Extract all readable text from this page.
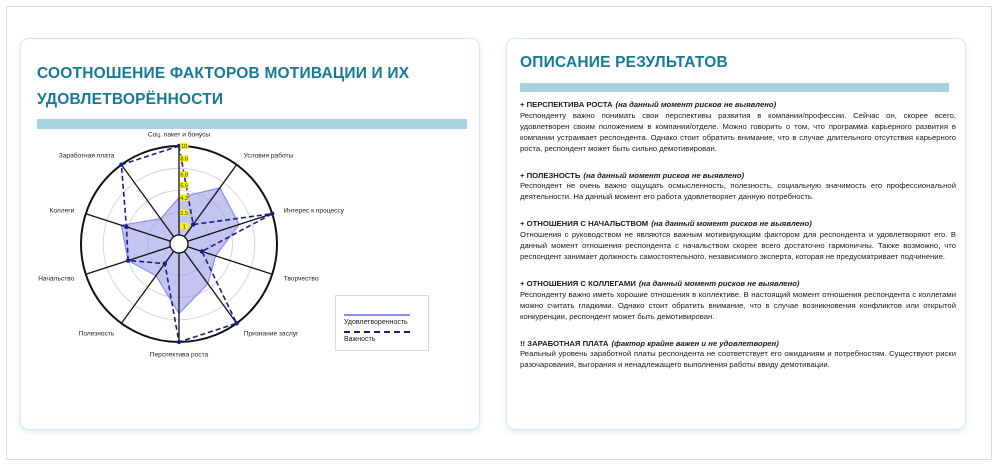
СООТНОШЕНИЕ ФАКТОРОВ МОТИВАЦИИ И ИХ УДОВЛЕТВОРЁННОСТИ
1
2.5
4.2
5.6
6.8
8.6
10
Соц. пакет и бонусы
Условия работы
Интерес к процессу
Творчество
Признание заслуг
Перспектива роста
Полезность
Начальство
Коллеги
Заработная плата
Удовлетворенность
Важность
ОПИСАНИЕ РЕЗУЛЬТАТОВ
+ ПЕРСПЕКТИВА РОСТА (на данный момент рисков не выявлено)
Респонденту важно понимать свои перспективы развития в компании/профессии. Сейчас он, скорее всего, удовлетворен своим положением в компании/отделе. Можно говорить о том, что программа карьерного развития в компании устраивает респондента. Однако стоит обратить внимание, что в случае длительного отсутствия карьерного роста, респондент может быть сильно демотивирован.
+ ПОЛЕЗНОСТЬ (на данный момент рисков не выявлено)
Респондент не очень важно ощущать осмысленность, полезность, социальную значимость его профессиональной деятельности. На данный момент его работа удовлетворяет данную потребность.
+ ОТНОШЕНИЯ С НАЧАЛЬСТВОМ (на данный момент рисков не выявлено)
Отношения с руководством не являются важным мотивирующим фактором для респондента и удовлетворяют его. В данный момент отношения респондента с начальством скорее всего достаточно гармоничны. Также возможно, что респондент занимает должность самостоятельного, независимого эксперта, которая не предусматривает подчинение.
+ ОТНОШЕНИЯ С КОЛЛЕГАМИ (на данный момент рисков не выявлено)
Респонденту важно иметь хорошие отношения в коллективе. В настоящий момент отношения респондента с коллегами можно считать гладкими. Однако стоит обратить внимание, что в случае возникновения конфликтов или открытой конкуренции, респондент может быть демотивирован.
!! ЗАРАБОТНАЯ ПЛАТА (фактор крайне важен и не удовлетворен)
Реальный уровень заработной платы респондента не соответствует его ожиданиям и потребностям. Существуют риски разочарования, выгорания и ненадлежащего выполнения работы ввиду демотивации.
